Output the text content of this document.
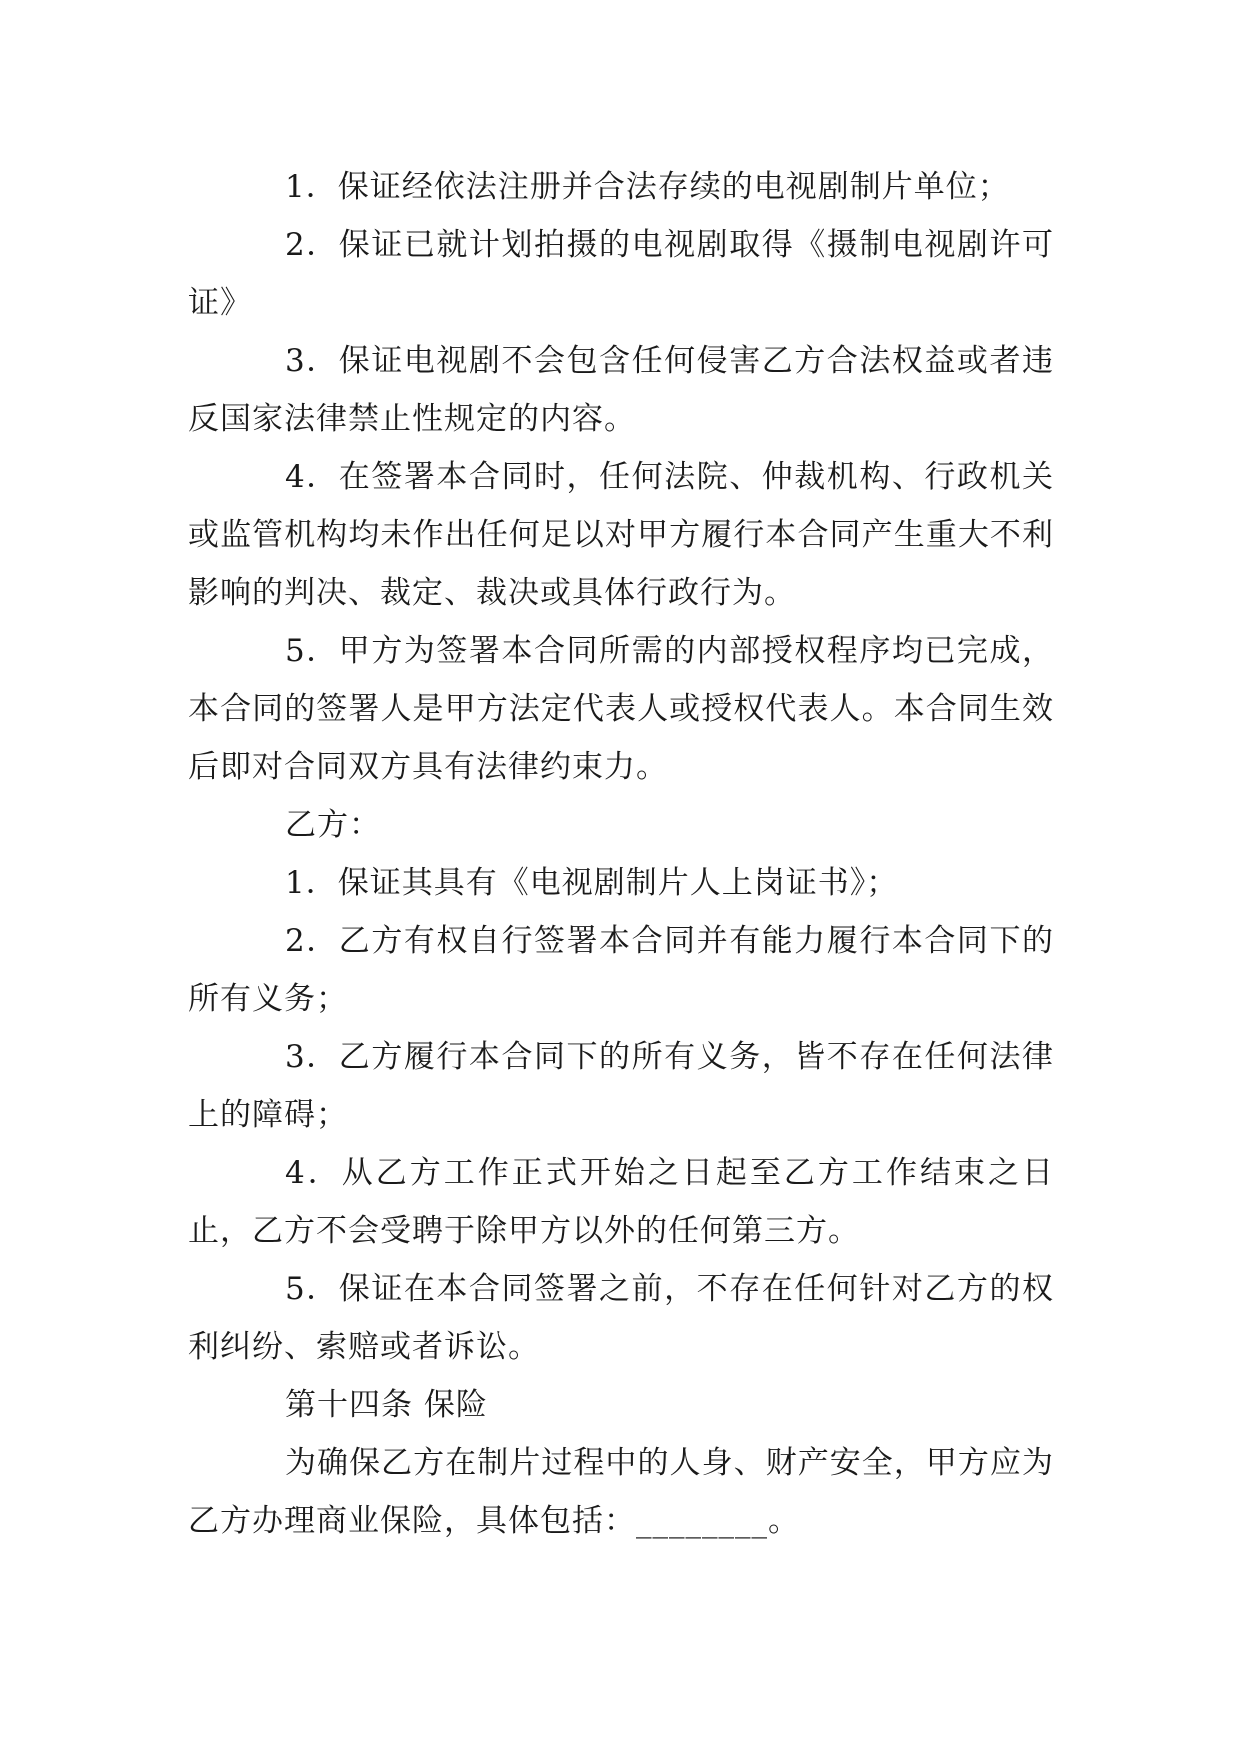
1．保证经依法注册并合法存续的电视剧制片单位；

2．保证已就计划拍摄的电视剧取得《摄制电视剧许可证》

3．保证电视剧不会包含任何侵害乙方合法权益或者违反国家法律禁止性规定的内容。

4．在签署本合同时，任何法院、仲裁机构、行政机关或监管机构均未作出任何足以对甲方履行本合同产生重大不利影响的判决、裁定、裁决或具体行政行为。

5．甲方为签署本合同所需的内部授权程序均已完成，本合同的签署人是甲方法定代表人或授权代表人。本合同生效后即对合同双方具有法律约束力。

乙方：

1．保证其具有《电视剧制片人上岗证书》；

2．乙方有权自行签署本合同并有能力履行本合同下的所有义务；

3．乙方履行本合同下的所有义务，皆不存在任何法律上的障碍；

4．从乙方工作正式开始之日起至乙方工作结束之日止，乙方不会受聘于除甲方以外的任何第三方。

5．保证在本合同签署之前，不存在任何针对乙方的权利纠纷、索赔或者诉讼。

第十四条 保险

为确保乙方在制片过程中的人身、财产安全，甲方应为乙方办理商业保险，具体包括：________。
